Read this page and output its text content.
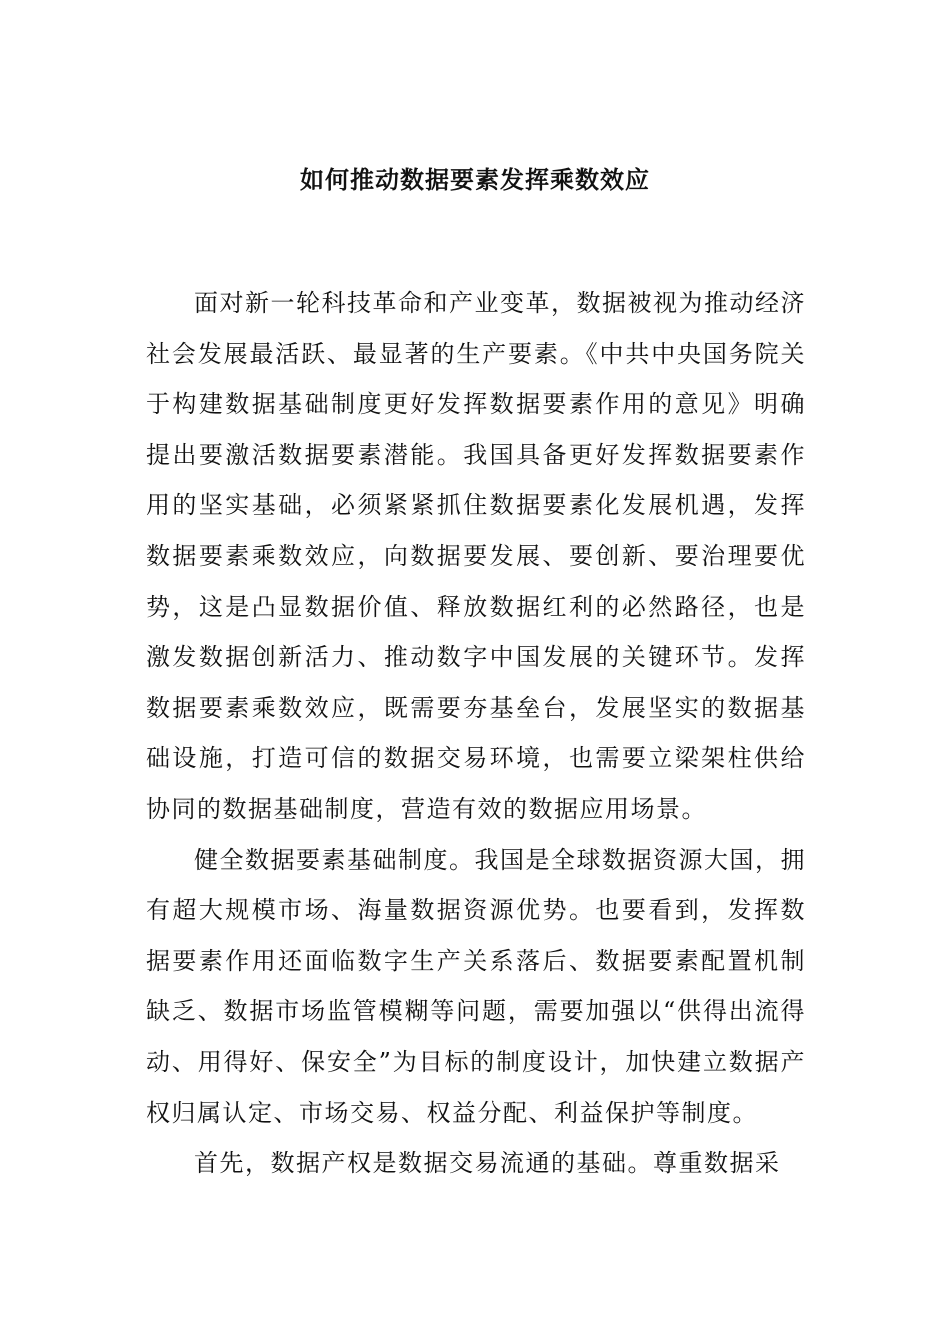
如何推动数据要素发挥乘数效应

面对新一轮科技革命和产业变革，数据被视为推动经济社会发展最活跃、最显著的生产要素。《中共中央国务院关于构建数据基础制度更好发挥数据要素作用的意见》明确提出要激活数据要素潜能。我国具备更好发挥数据要素作用的坚实基础，必须紧紧抓住数据要素化发展机遇，发挥数据要素乘数效应，向数据要发展、要创新、要治理要优势，这是凸显数据价值、释放数据红利的必然路径，也是激发数据创新活力、推动数字中国发展的关键环节。发挥数据要素乘数效应，既需要夯基垒台，发展坚实的数据基础设施，打造可信的数据交易环境，也需要立梁架柱供给协同的数据基础制度，营造有效的数据应用场景。

健全数据要素基础制度。我国是全球数据资源大国，拥有超大规模市场、海量数据资源优势。也要看到，发挥数据要素作用还面临数字生产关系落后、数据要素配置机制缺乏、数据市场监管模糊等问题，需要加强以“供得出流得动、用得好、保安全”为目标的制度设计，加快建立数据产权归属认定、市场交易、权益分配、利益保护等制度。

首先，数据产权是数据交易流通的基础。尊重数据采
